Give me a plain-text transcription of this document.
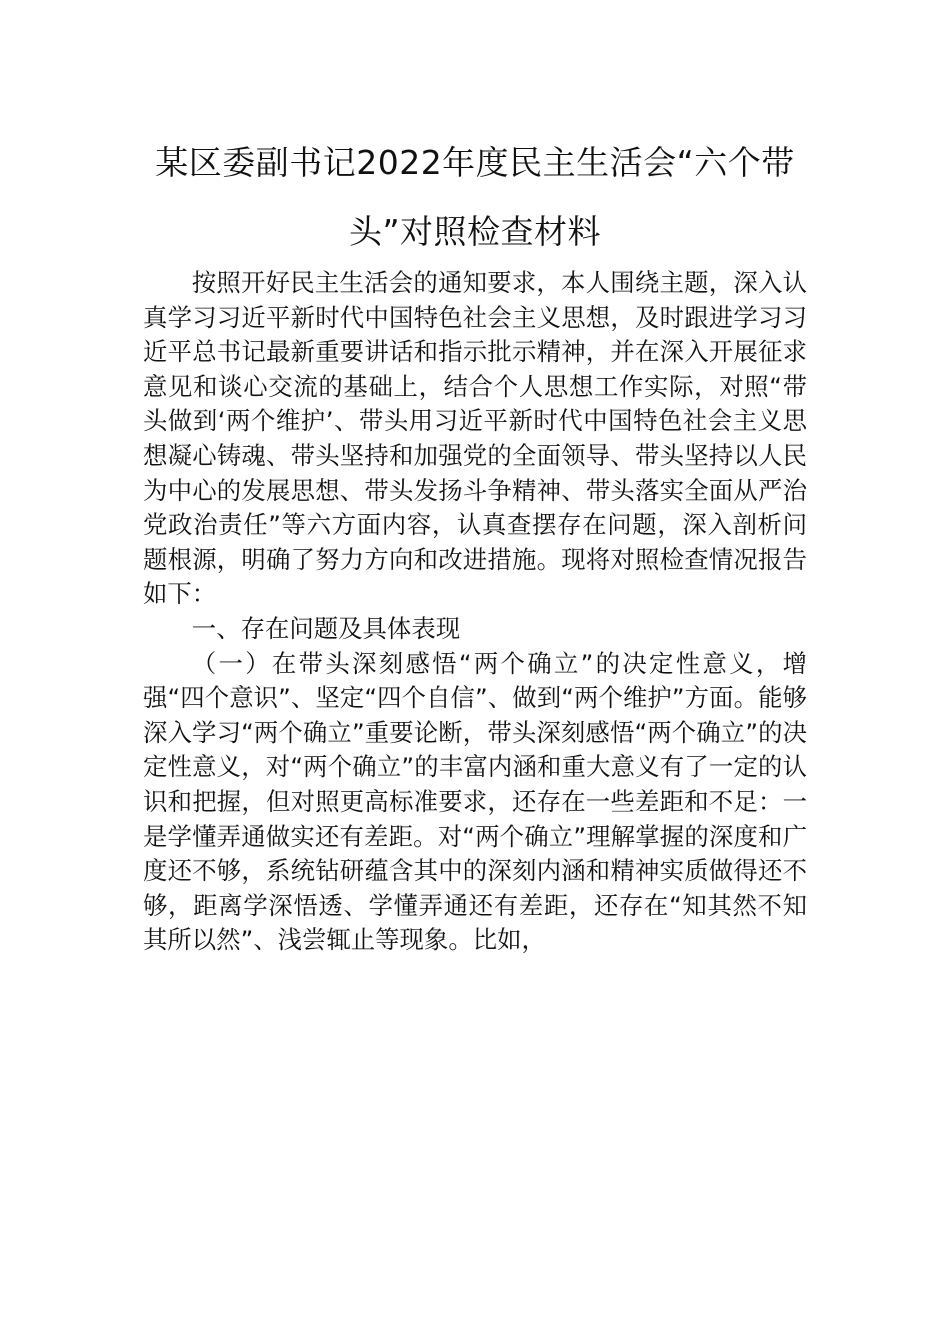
某区委副书记2022年度民主生活会“六个带头”对照检查材料

按照开好民主生活会的通知要求，本人围绕主题，深入认真学习习近平新时代中国特色社会主义思想，及时跟进学习习近平总书记最新重要讲话和指示批示精神，并在深入开展征求意见和谈心交流的基础上，结合个人思想工作实际，对照“带头做到‘两个维护’、带头用习近平新时代中国特色社会主义思想凝心铸魂、带头坚持和加强党的全面领导、带头坚持以人民为中心的发展思想、带头发扬斗争精神、带头落实全面从严治党政治责任”等六方面内容，认真查摆存在问题，深入剖析问题根源，明确了努力方向和改进措施。现将对照检查情况报告如下：

一、存在问题及具体表现

（一）在带头深刻感悟“两个确立”的决定性意义，增强“四个意识”、坚定“四个自信”、做到“两个维护”方面。能够深入学习“两个确立”重要论断，带头深刻感悟“两个确立”的决定性意义，对“两个确立”的丰富内涵和重大意义有了一定的认识和把握，但对照更高标准要求，还存在一些差距和不足：一是学懂弄通做实还有差距。对“两个确立”理解掌握的深度和广度还不够，系统钻研蕴含其中的深刻内涵和精神实质做得还不够，距离学深悟透、学懂弄通还有差距，还存在“知其然不知其所以然”、浅尝辄止等现象。比如，
